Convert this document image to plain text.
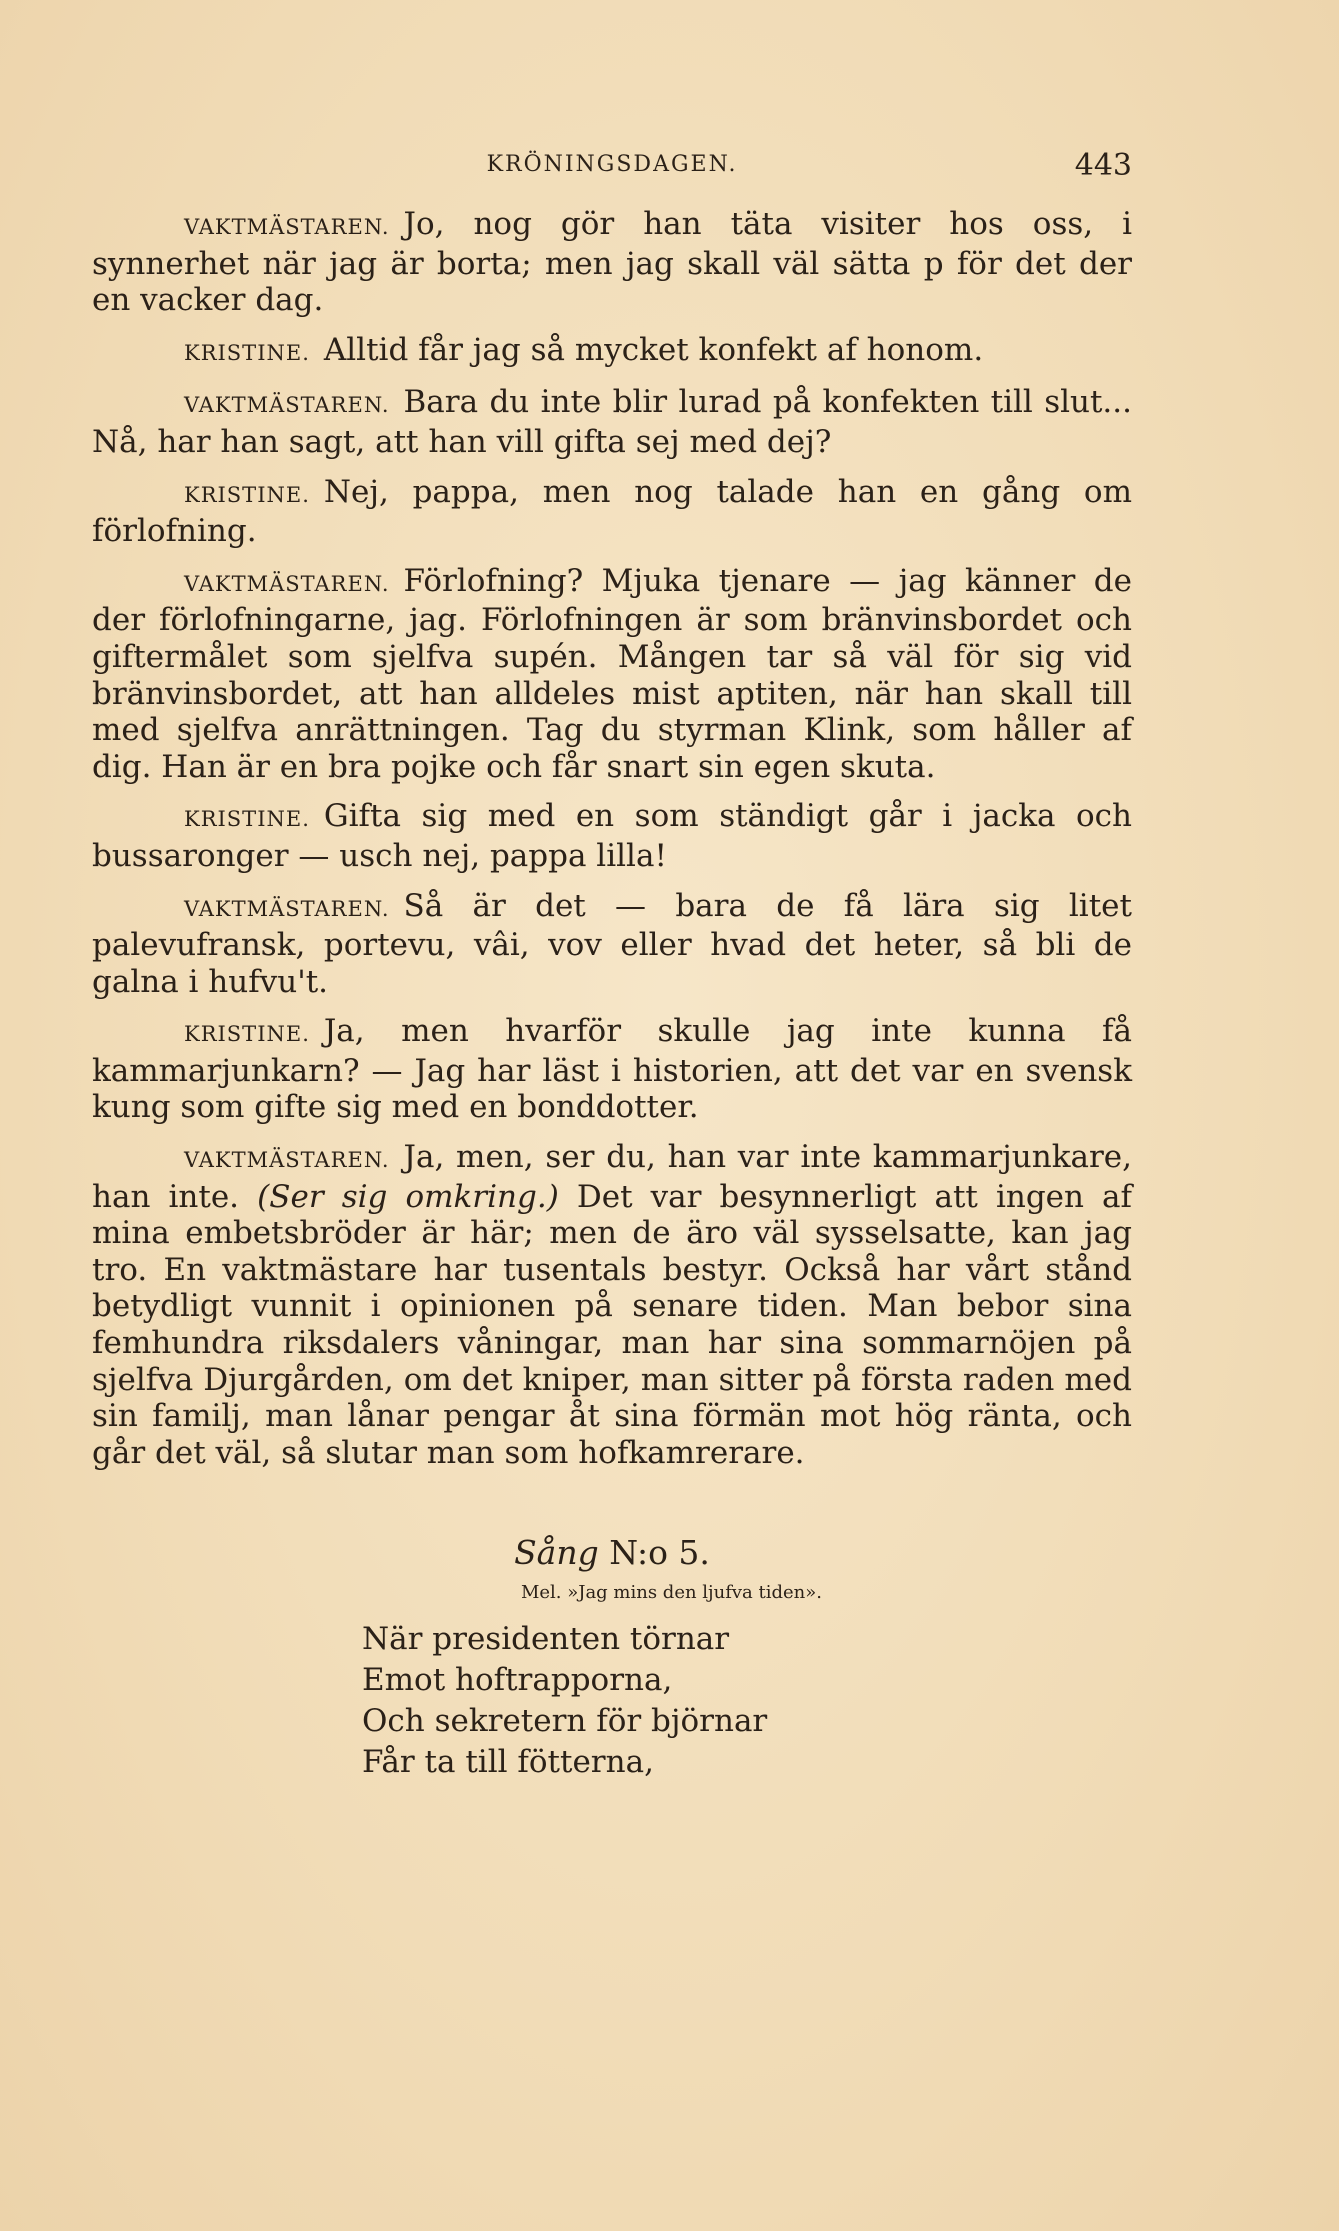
KRÖNINGSDAGEN.	443

VAKTMÄSTAREN. Jo, nog gör han täta visiter hos oss, i synnerhet när jag är borta; men jag skall väl sätta p för det der en vacker dag.

KRISTINE. Alltid får jag så mycket konfekt af honom.

VAKTMÄSTAREN. Bara du inte blir lurad på konfekten till slut... Nå, har han sagt, att han vill gifta sej med dej?

KRISTINE. Nej, pappa, men nog talade han en gång om förlofning.

VAKTMÄSTAREN. Förlofning? Mjuka tjenare — jag känner de der förlofningarne, jag. Förlofningen är som bränvinsbordet och giftermålet som sjelfva supén. Mången tar så väl för sig vid bränvinsbordet, att han alldeles mist aptiten, när han skall till med sjelfva anrättningen. Tag du styrman Klink, som håller af dig. Han är en bra pojke och får snart sin egen skuta.

KRISTINE. Gifta sig med en som ständigt går i jacka och bussaronger — usch nej, pappa lilla!

VAKTMÄSTAREN. Så är det — bara de få lära sig litet palevufransk, portevu, vâi, vov eller hvad det heter, så bli de galna i hufvu't.

KRISTINE. Ja, men hvarför skulle jag inte kunna få kammarjunkarn? — Jag har läst i historien, att det var en svensk kung som gifte sig med en bonddotter.

VAKTMÄSTAREN. Ja, men, ser du, han var inte kammarjunkare, han inte. (Ser sig omkring.) Det var besynnerligt att ingen af mina embetsbröder är här; men de äro väl sysselsatte, kan jag tro. En vaktmästare har tusentals bestyr. Också har vårt stånd betydligt vunnit i opinionen på senare tiden. Man bebor sina femhundra riksdalers våningar, man har sina sommarnöjen på sjelfva Djurgården, om det kniper, man sitter på första raden med sin familj, man lånar pengar åt sina förmän mot hög ränta, och går det väl, så slutar man som hofkamrerare.

Sång N:o 5.
Mel. »Jag mins den ljufva tiden».
När presidenten törnar
Emot hoftrapporna,
Och sekretern för björnar
Får ta till fötterna,
